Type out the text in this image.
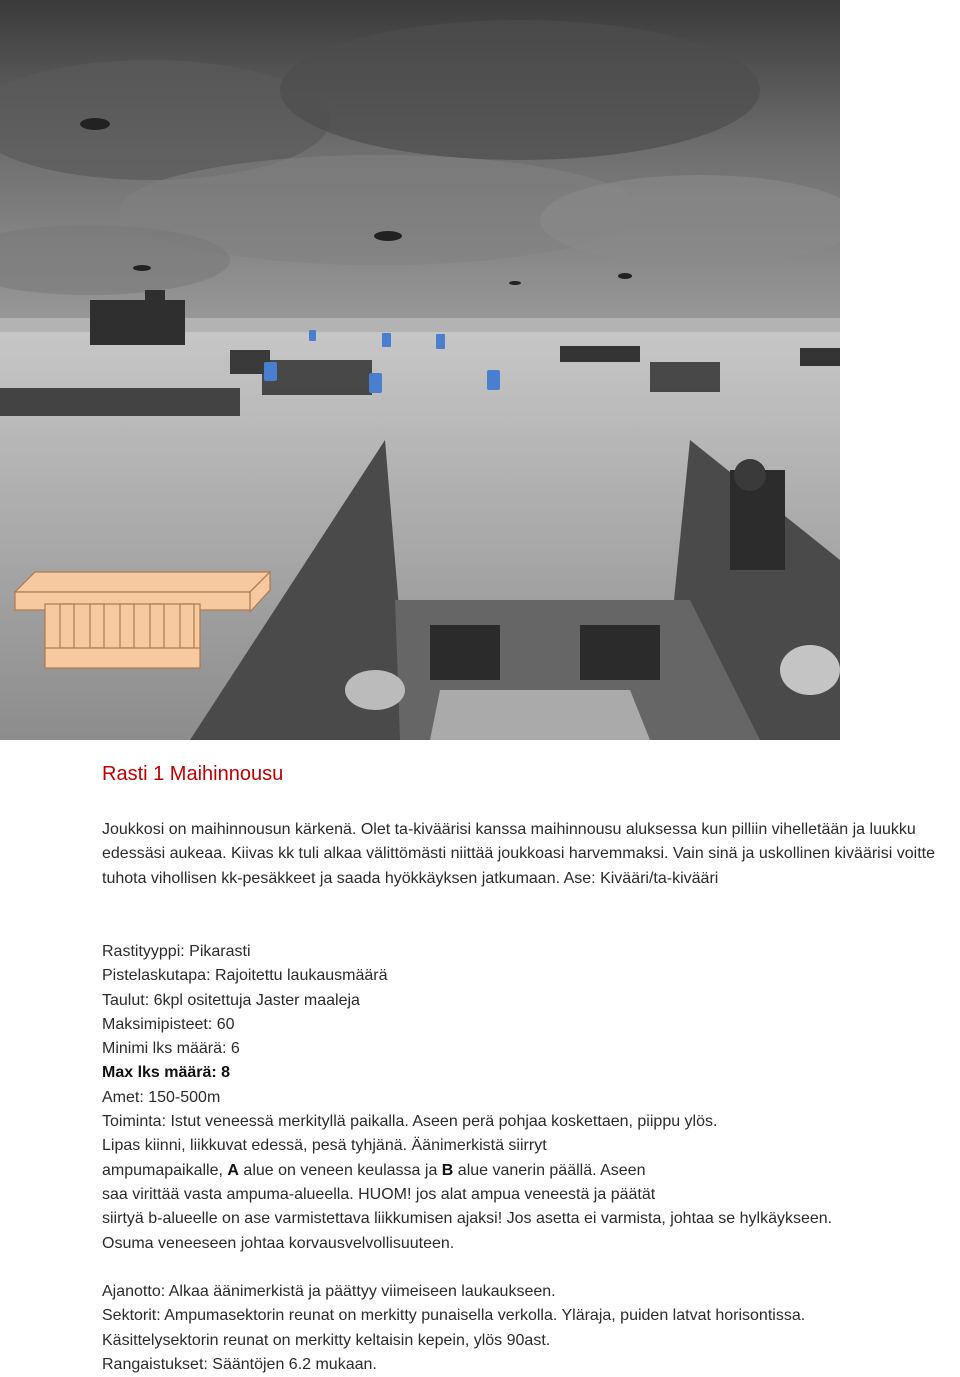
Rasti 1 Maihinnousu

Joukkosi on maihinnousun kärkenä. Olet ta-kiväärisi kanssa maihinnousu aluksessa kun pilliin vihelletään ja luukku edessäsi aukeaa. Kiivas kk tuli alkaa välittömästi niittää joukkoasi harvemmaksi. Vain sinä ja uskollinen kiväärisi voitte tuhota vihollisen kk-pesäkkeet ja saada hyökkäyksen jatkumaan. Ase: Kivääri/ta-kivääri

Rastityyppi: Pikarasti
Pistelaskutapa: Rajoitettu laukausmäärä
Taulut: 6kpl ositettuja Jaster maaleja
Maksimipisteet: 60
Minimi lks määrä: 6
Max lks määrä: 8
Amet: 150-500m
Toiminta: Istut veneessä merkityllä paikalla. Aseen perä pohjaa koskettaen, piippu ylös.
Lipas kiinni, liikkuvat edessä, pesä tyhjänä. Äänimerkistä siirryt
ampumapaikalle, A alue on veneen keulassa ja B alue vanerin päällä. Aseen
saa virittää vasta ampuma-alueella. HUOM! jos alat ampua veneestä ja päätät
siirtyä b-alueelle on ase varmistettava liikkumisen ajaksi! Jos asetta ei varmista, johtaa se hylkäykseen.
Osuma veneeseen johtaa korvausvelvollisuuteen.
Ajanotto: Alkaa äänimerkistä ja päättyy viimeiseen laukaukseen.
Sektorit: Ampumasektorin reunat on merkitty punaisella verkolla. Yläraja, puiden latvat horisontissa.
Käsittelysektorin reunat on merkitty keltaisin kepein, ylös 90ast.
Rangaistukset: Sääntöjen 6.2 mukaan.
